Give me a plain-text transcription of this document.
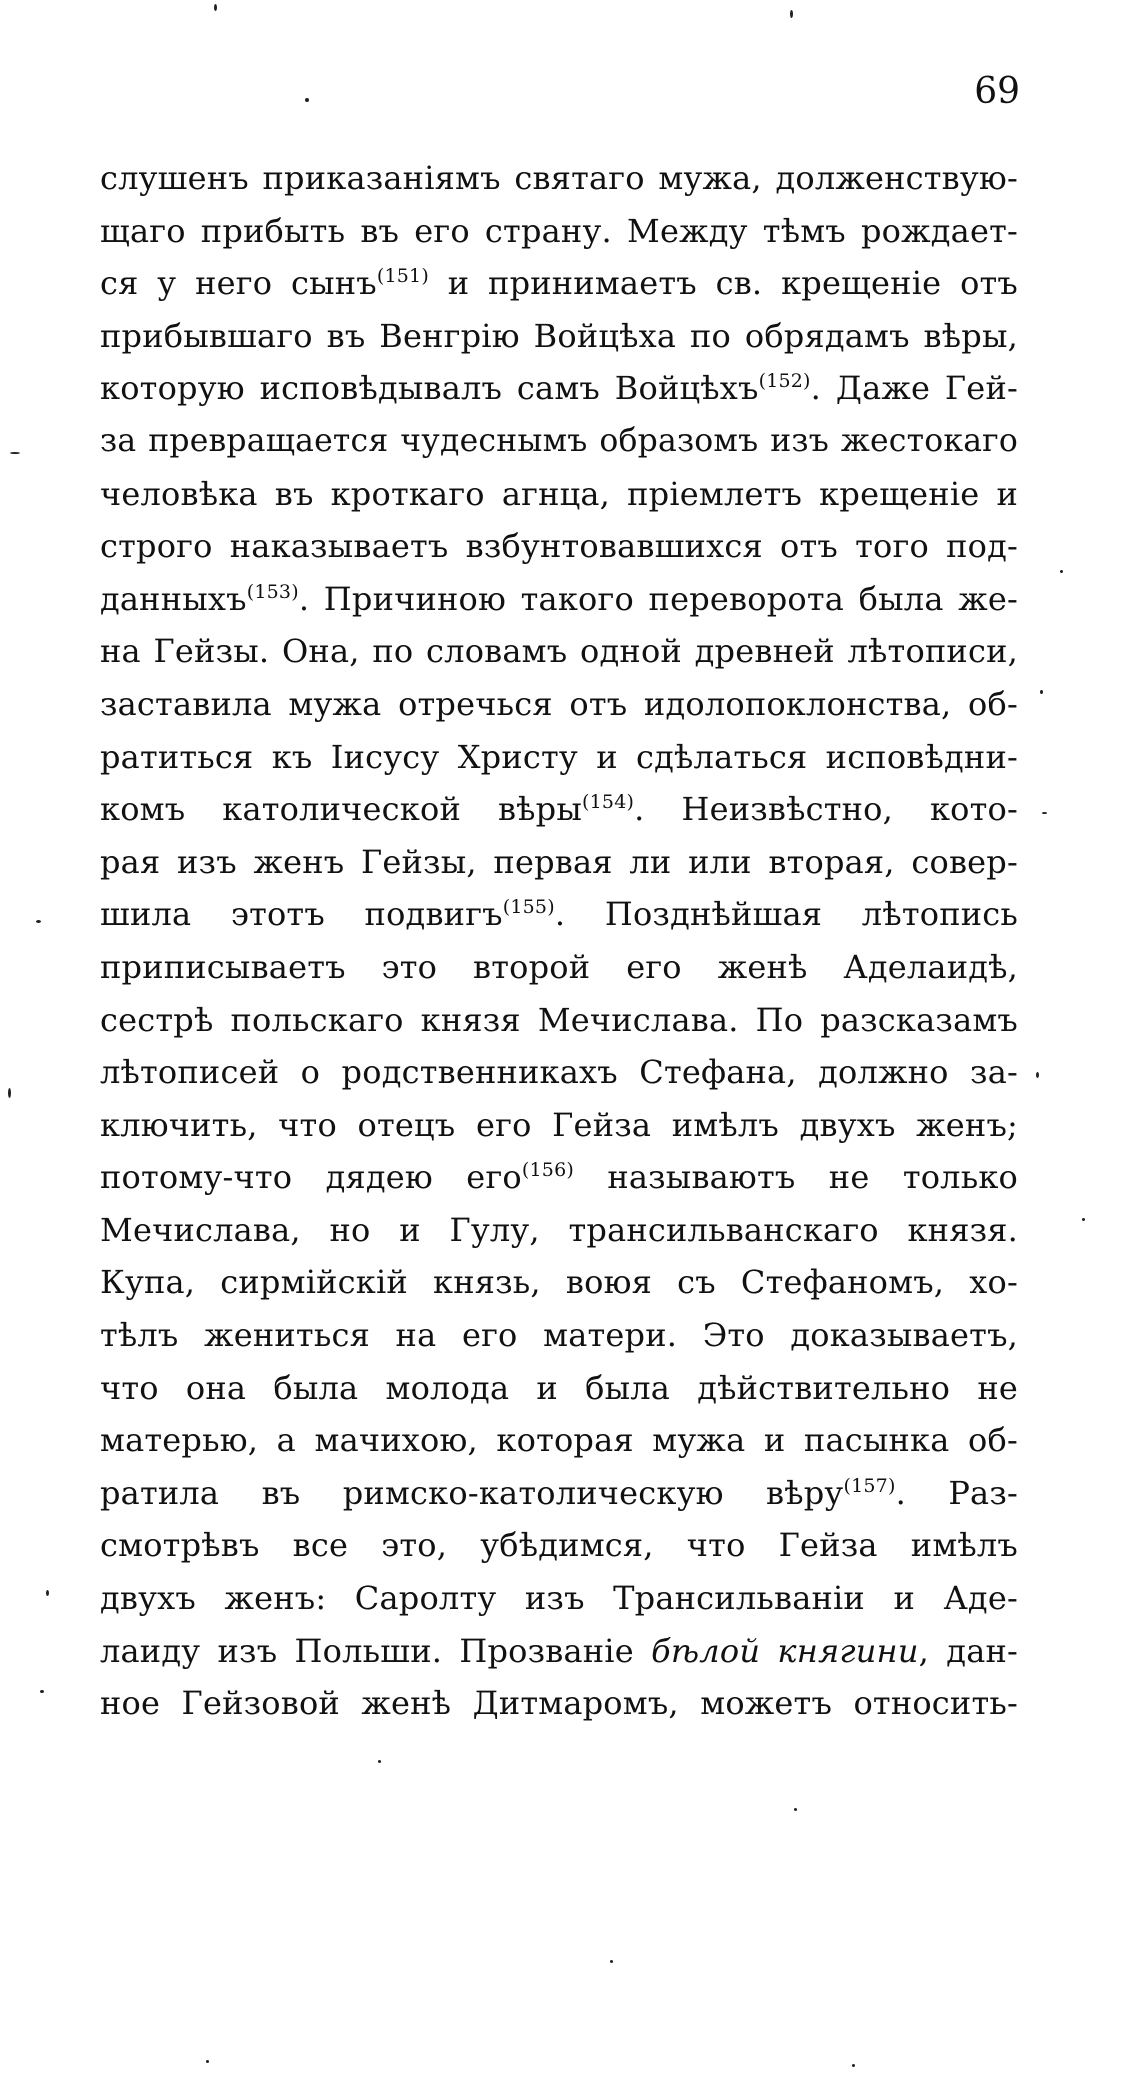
69
слушенъ приказаніямъ святаго мужа, долженствую-
щаго прибыть въ его страну. Между тѣмъ рождает-
ся у него сынъ$^{(151)}$ и принимаетъ св. крещеніе отъ
прибывшаго въ Венгрію Войцѣха по обрядамъ вѣры,
которую исповѣдывалъ самъ Войцѣхъ$^{(152)}$. Даже Гей-
за превращается чудеснымъ образомъ изъ жестокаго
человѣка въ кроткаго агнца, пріемлетъ крещеніе и
строго наказываетъ взбунтовавшихся отъ того под-
данныхъ$^{(153)}$. Причиною такого переворота была же-
на Гейзы. Она, по словамъ одной древней лѣтописи,
заставила мужа отречься отъ идолопоклонства, об-
ратиться къ Іисусу Христу и сдѣлаться исповѣдни-
комъ католической вѣры$^{(154)}$. Неизвѣстно, кото-
рая изъ женъ Гейзы, первая ли или вторая, совер-
шила этотъ подвигъ$^{(155)}$. Позднѣйшая лѣтопись
приписываетъ это второй его женѣ Аделаидѣ,
сестрѣ польскаго князя Мечислава. По разсказамъ
лѣтописей о родственникахъ Стефана, должно за-
ключить, что отецъ его Гейза имѣлъ двухъ женъ;
потому-что дядею его$^{(156)}$ называютъ не только
Мечислава, но и Гулу, трансильванскаго князя.
Купа, сирмійскій князь, воюя съ Стефаномъ, хо-
тѣлъ жениться на его матери. Это доказываетъ,
что она была молода и была дѣйствительно не
матерью, а мачихою, которая мужа и пасынка об-
ратила въ римско-католическую вѣру$^{(157)}$. Раз-
смотрѣвъ все это, убѣдимся, что Гейза имѣлъ
двухъ женъ: Саролту изъ Трансильваніи и Аде-
лаиду изъ Польши. Прозваніе бѣлой княгини, дан-
ное Гейзовой женѣ Дитмаромъ, можетъ относить-
